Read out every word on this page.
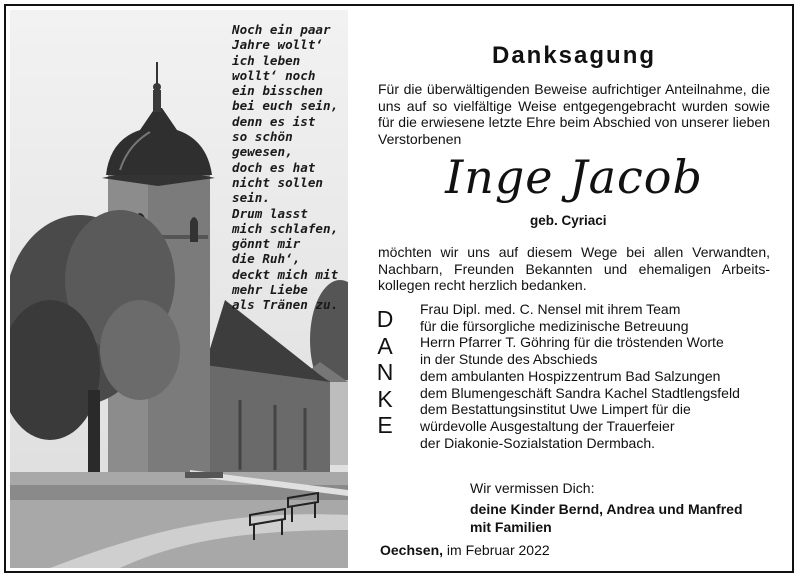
Noch ein paar
Jahre wollt‘
ich leben
wollt‘ noch
ein bisschen
bei euch sein,
denn es ist
so schön
gewesen,
doch es hat
nicht sollen
sein.
Drum lasst
mich schlafen,
gönnt mir
die Ruh‘,
deckt mich mit
mehr Liebe
als Tränen zu.
Danksagung
Für die überwältigenden Beweise aufrichtiger Anteilnahme, die uns auf so vielfältige Weise entgegengebracht wurden sowie für die erwiesene letzte Ehre beim Abschied von unserer lieben Verstorbenen
Inge Jacob
geb. Cyriaci
möchten wir uns auf diesem Wege bei allen Verwandten, Nachbarn, Freunden Bekannten und ehemaligen Arbeits-kollegen recht herzlich bedanken.
D
A
N
K
E
Frau Dipl. med. C. Nensel mit ihrem Team
für die fürsorgliche medizinische Betreuung
Herrn Pfarrer T. Göhring für die tröstenden Worte
in der Stunde des Abschieds
dem ambulanten Hospizzentrum Bad Salzungen
dem Blumengeschäft Sandra Kachel Stadtlengsfeld
dem Bestattungsinstitut Uwe Limpert für die
würdevolle Ausgestaltung der Trauerfeier
der Diakonie-Sozialstation Dermbach.
Wir vermissen Dich:
deine Kinder Bernd, Andrea und Manfred
mit Familien
Oechsen, im Februar 2022
